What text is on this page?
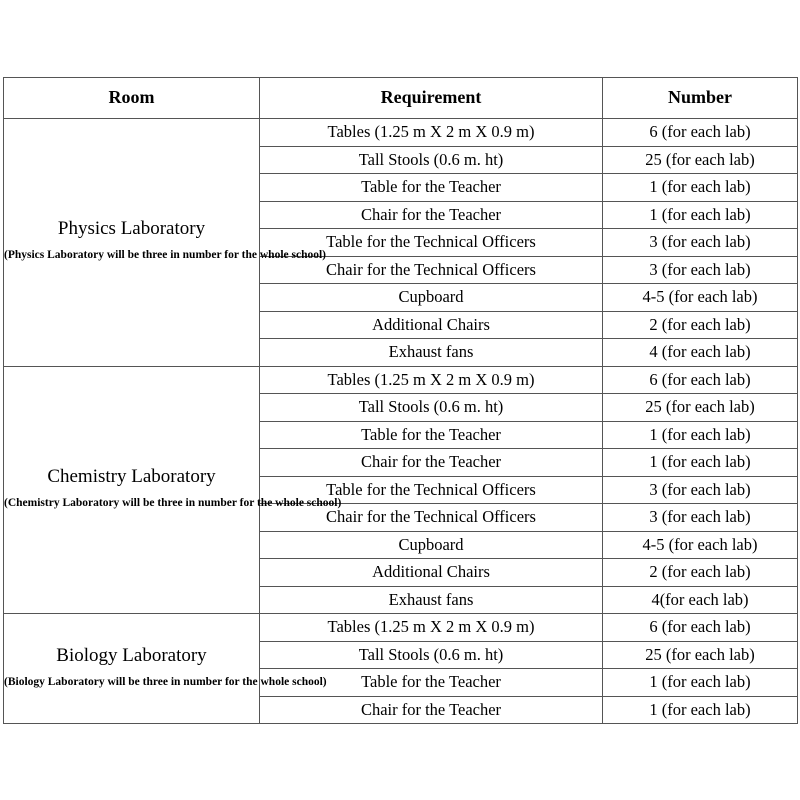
Room	Requirement	Number

Physics Laboratory
(Physics Laboratory will be three in number for the whole school)	Tables (1.25 m X 2 m X 0.9 m)	6 (for each lab)
	Tall Stools (0.6 m. ht)	25 (for each lab)
	Table for the Teacher	1 (for each lab)
	Chair for the Teacher	1 (for each lab)
	Table for the Technical Officers	3 (for each lab)
	Chair for the Technical Officers	3 (for each lab)
	Cupboard	4-5 (for each lab)
	Additional Chairs	2 (for each lab)
	Exhaust fans	4 (for each lab)

Chemistry Laboratory
(Chemistry Laboratory will be three in number for the whole school)	Tables (1.25 m X 2 m X 0.9 m)	6 (for each lab)
	Tall Stools (0.6 m. ht)	25 (for each lab)
	Table for the Teacher	1 (for each lab)
	Chair for the Teacher	1 (for each lab)
	Table for the Technical Officers	3 (for each lab)
	Chair for the Technical Officers	3 (for each lab)
	Cupboard	4-5 (for each lab)
	Additional Chairs	2 (for each lab)
	Exhaust fans	4(for each lab)

Biology Laboratory
(Biology Laboratory will be three in number for the whole school)	Tables (1.25 m X 2 m X 0.9 m)	6 (for each lab)
	Tall Stools (0.6 m. ht)	25 (for each lab)
	Table for the Teacher	1 (for each lab)
	Chair for the Teacher	1 (for each lab)
